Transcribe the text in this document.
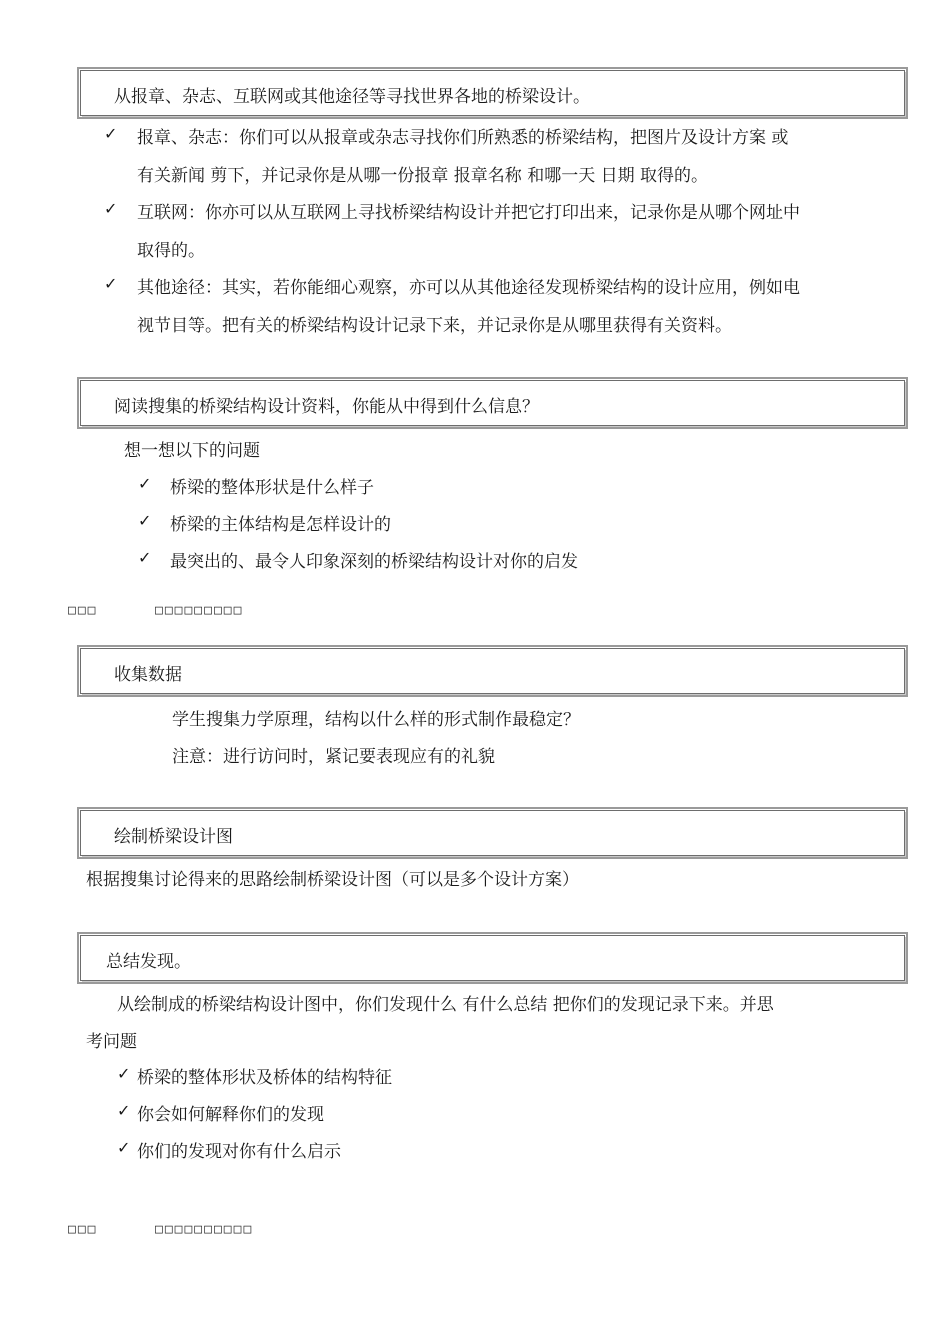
从报章、杂志、互联网或其他途径等寻找世界各地的桥梁设计。
✓ 报章、杂志：你们可以从报章或杂志寻找你们所熟悉的桥梁结构，把图片及设计方案 或
有关新闻 剪下，并记录你是从哪一份报章 报章名称 和哪一天 日期 取得的。
✓ 互联网：你亦可以从互联网上寻找桥梁结构设计并把它打印出来，记录你是从哪个网址中
取得的。
✓ 其他途径：其实，若你能细心观察，亦可以从其他途径发现桥梁结构的设计应用，例如电
视节目等。把有关的桥梁结构设计记录下来，并记录你是从哪里获得有关资料。
阅读搜集的桥梁结构设计资料，你能从中得到什么信息？
想一想以下的问题
✓ 桥梁的整体形状是什么样子
✓ 桥梁的主体结构是怎样设计的
✓ 最突出的、最令人印象深刻的桥梁结构设计对你的启发
□□□	□□□□□□□□□
收集数据
学生搜集力学原理，结构以什么样的形式制作最稳定？
注意：进行访问时，紧记要表现应有的礼貌
绘制桥梁设计图
根据搜集讨论得来的思路绘制桥梁设计图（可以是多个设计方案）
总结发现。
从绘制成的桥梁结构设计图中，你们发现什么 有什么总结 把你们的发现记录下来。并思
考问题
✓ 桥梁的整体形状及桥体的结构特征
✓ 你会如何解释你们的发现
✓ 你们的发现对你有什么启示
□□□	□□□□□□□□□□
